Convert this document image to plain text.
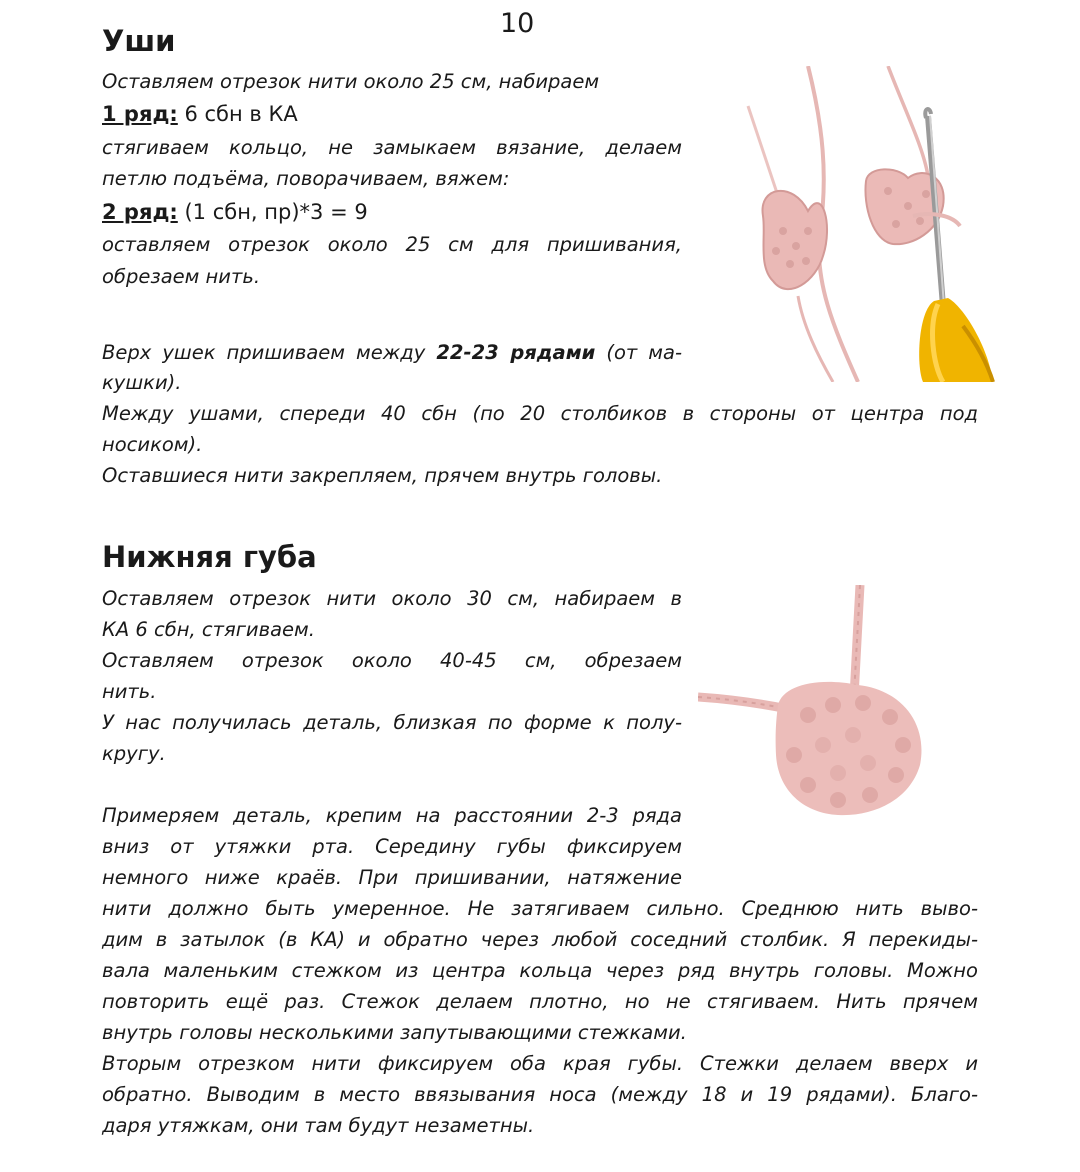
10
Уши
Оставляем отрезок нити около 25 см, набираем
1 ряд: 6 сбн в КА
стягиваем кольцо, не замыкаем вязание, делаем
петлю подъёма, поворачиваем, вяжем:
2 ряд: (1 сбн, пр)*3 = 9
оставляем отрезок около 25 см для пришивания,
обрезаем нить.
Верх ушек пришиваем между 22-23 рядами (от ма-
кушки).
Между ушами, спереди 40 сбн (по 20 столбиков в стороны от центра под
носиком).
Оставшиеся нити закрепляем, прячем внутрь головы.
Нижняя губа
Оставляем отрезок нити около 30 см, набираем в
КА 6 сбн, стягиваем.
Оставляем отрезок около 40-45 см, обрезаем
нить.
У нас получилась деталь, близкая по форме к полу-
кругу.
Примеряем деталь, крепим на расстоянии 2-3 ряда
вниз от утяжки рта. Середину губы фиксируем
немного ниже краёв. При пришивании, натяжение
нити должно быть умеренное. Не затягиваем сильно. Среднюю нить выво-
дим в затылок (в КА) и обратно через любой соседний столбик. Я перекиды-
вала маленьким стежком из центра кольца через ряд внутрь головы. Можно
повторить ещё раз. Стежок делаем плотно, но не стягиваем. Нить прячем
внутрь головы несколькими запутывающими стежками.
Вторым отрезком нити фиксируем оба края губы. Стежки делаем вверх и
обратно. Выводим в место ввязывания носа (между 18 и 19 рядами). Благо-
даря утяжкам, они там будут незаметны.
